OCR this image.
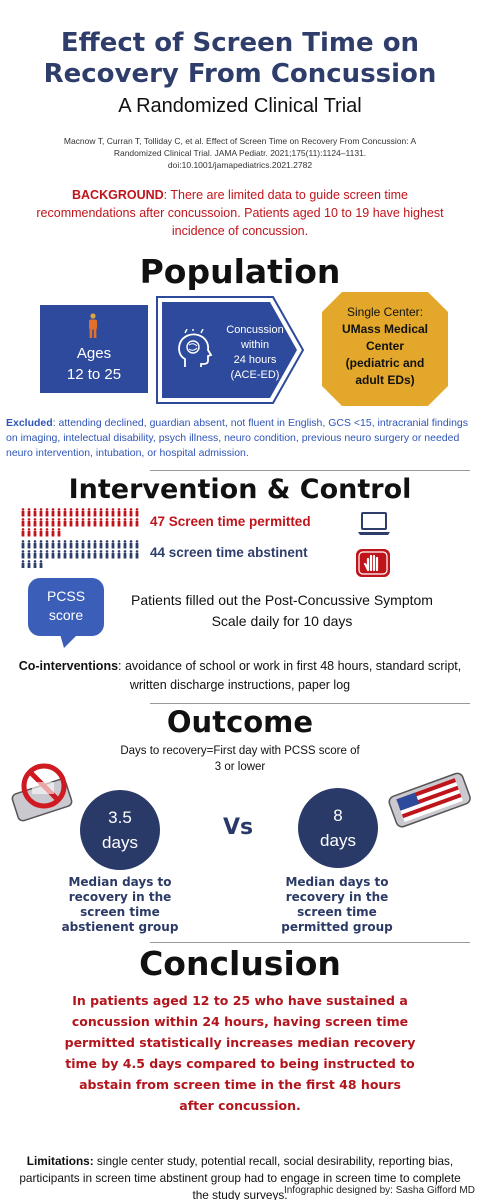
Effect of Screen Time on
Recovery From Concussion
A Randomized Clinical Trial
Macnow T, Curran T, Tolliday C, et al. Effect of Screen Time on Recovery From Concussion: A Randomized Clinical Trial. JAMA Pediatr. 2021;175(11):1124–1131. doi:10.1001/jamapediatrics.2021.2782
BACKGROUND: There are limited data to guide screen time recommendations after concussoion. Patients aged 10 to 19 have highest incidence of concussion.
Population
Ages
12 to 25
Concussion
within
24 hours
(ACE-ED)
Single Center:
UMass Medical
Center
(pediatric and
adult EDs)
Excluded: attending declined, guardian absent, not fluent in English, GCS <15, intracranial findings on imaging, intelectual disability, psych illness, neuro condition, previous neuro surgery or needed neuro intervention, intubation, or hospital admission.
Intervention & Control
47 Screen time permitted
44 screen time abstinent
PCSS
score
Patients filled out the Post-Concussive Symptom Scale daily for 10 days
Co-interventions: avoidance of school or work in first 48 hours, standard script, written discharge instructions, paper log
Outcome
Days to recovery=First day with PCSS score of 3 or lower
3.5
days
Vs	8
days
Median days to recovery in the screen time abstienent group
Median days to recovery in the screen time permitted group
Conclusion
In patients aged 12 to 25 who have sustained a concussion within 24 hours, having screen time permitted statistically increases median recovery time by 4.5 days compared to being instructed to abstain from screen time in the first 48 hours after concussion.
Limitations: single center study, potential recall, social desirability, reporting bias, participants in screen time abstinent group had to engage in screen time to complete the study surveys.
Infographic designed by: Sasha Gifford MD
